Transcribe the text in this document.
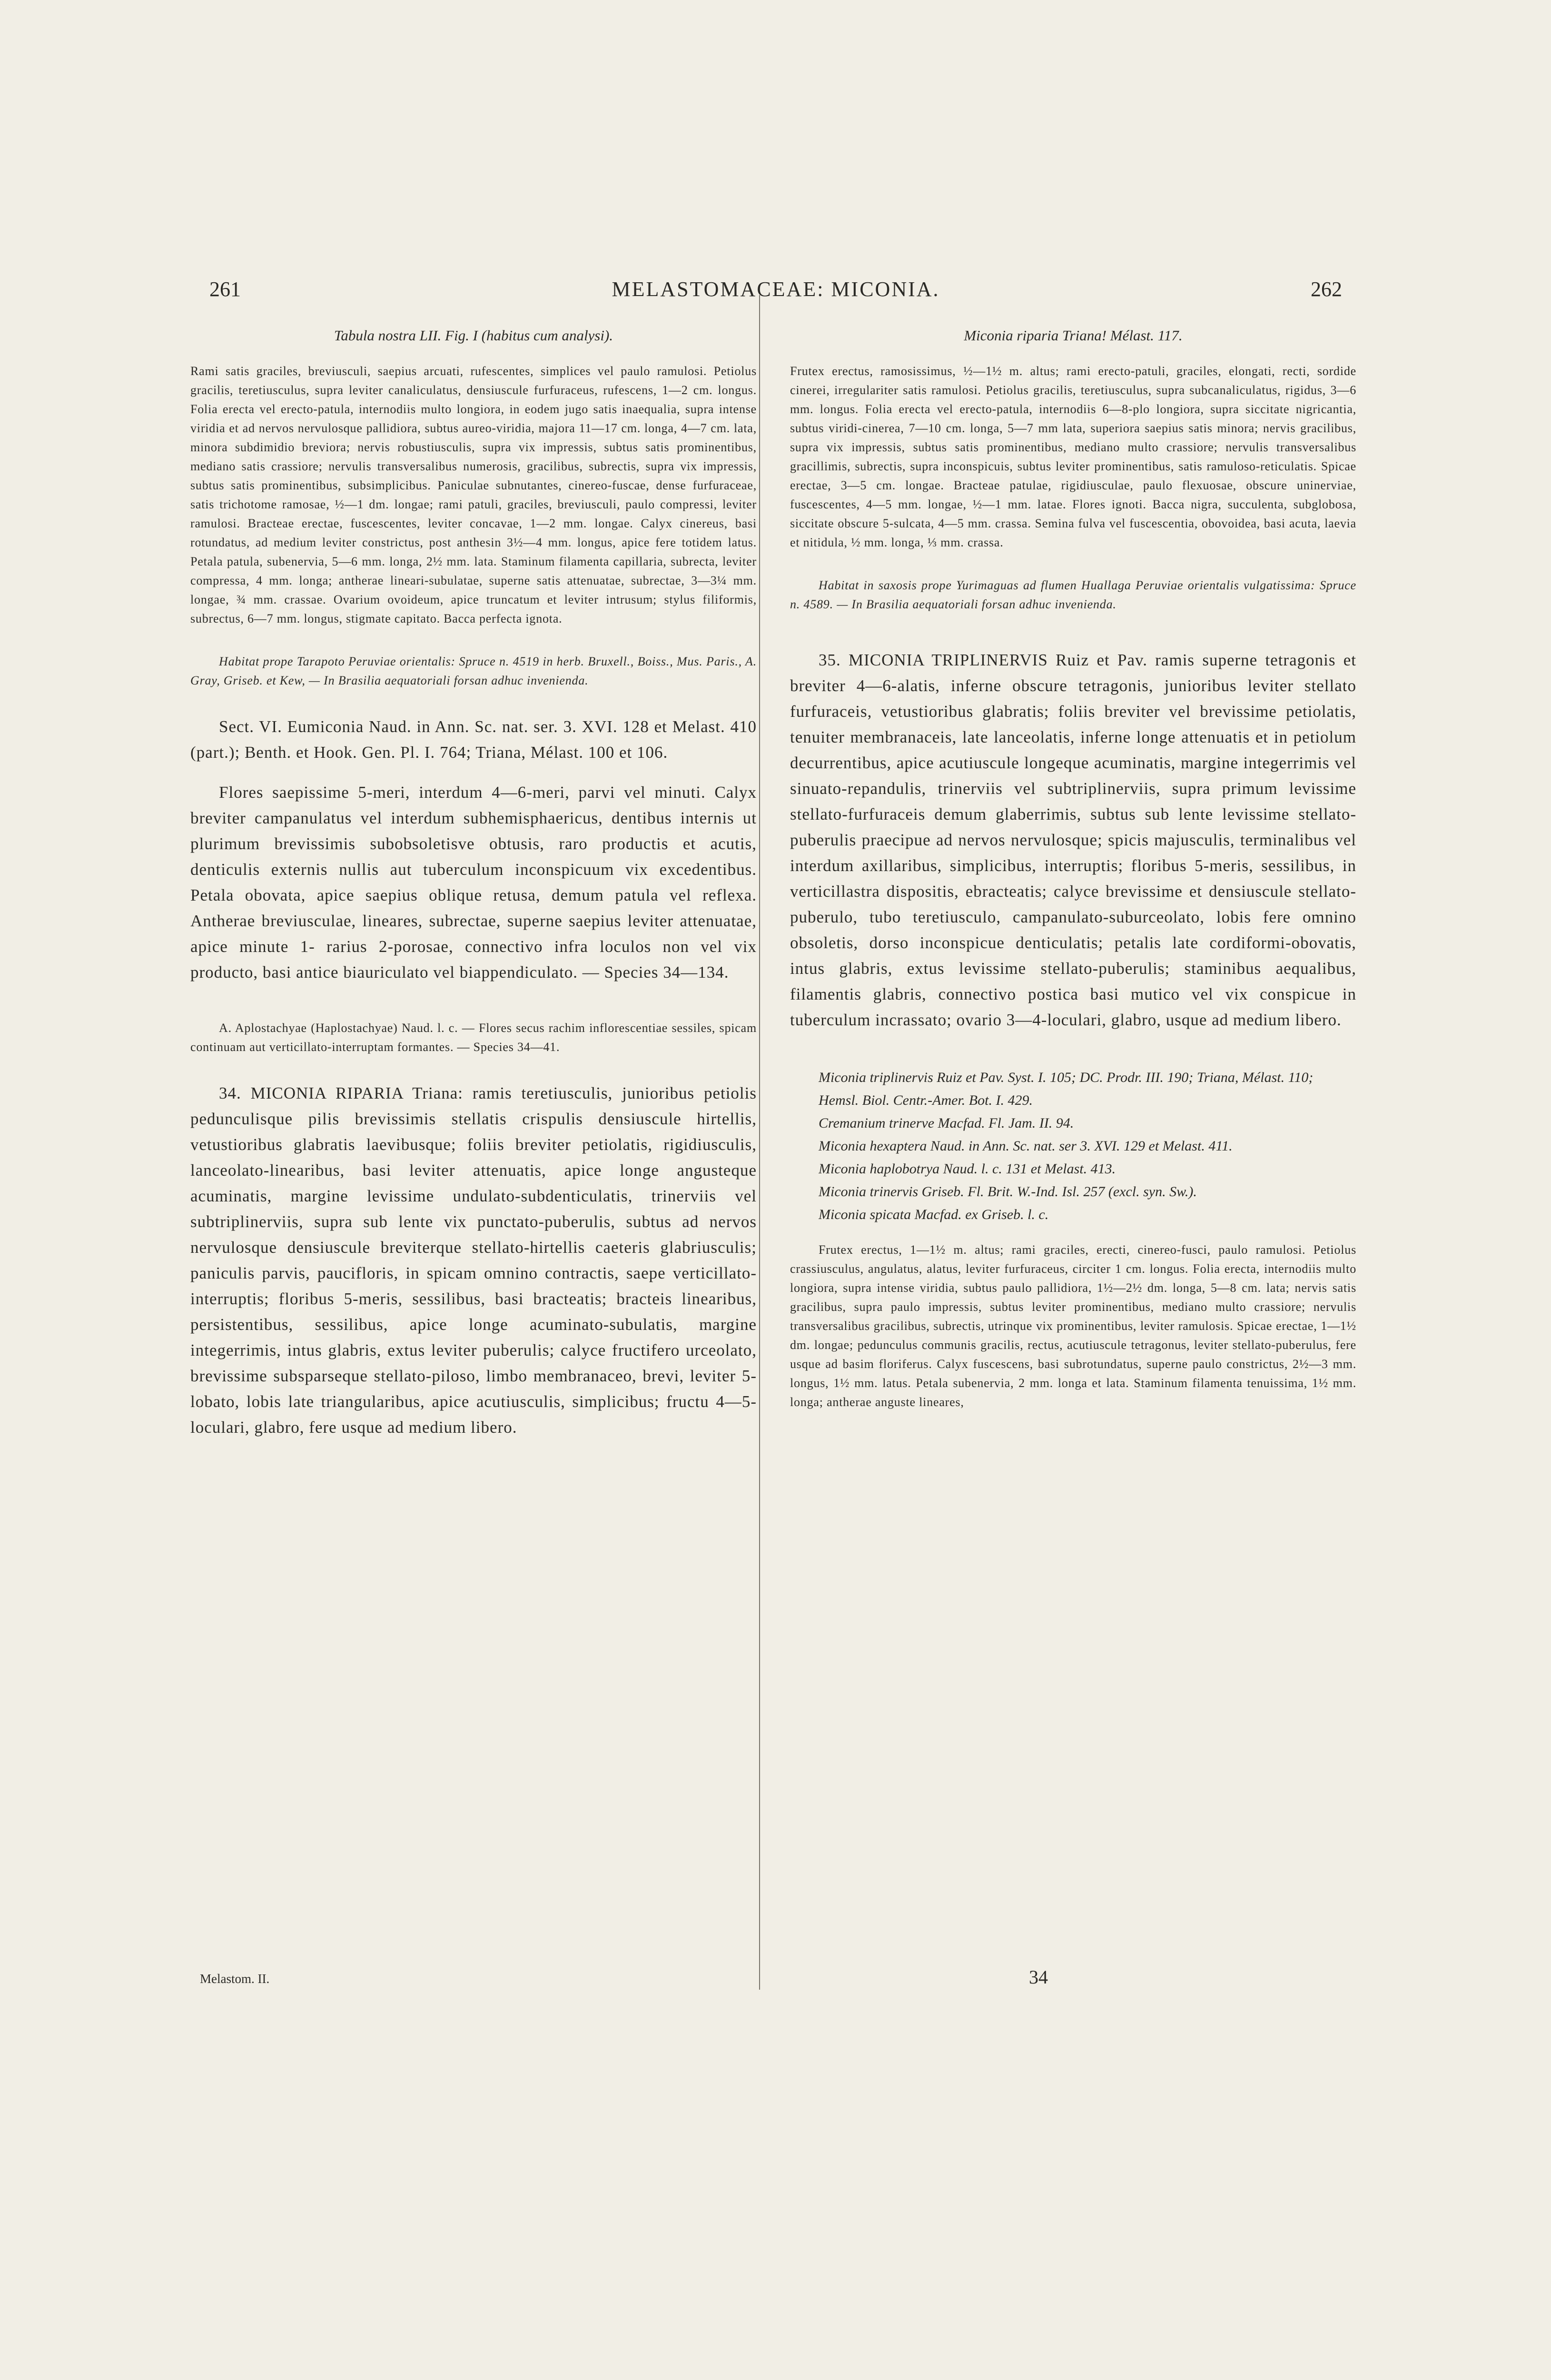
261	MELASTOMACEAE: MICONIA.	262

Tabula nostra LII. Fig. I (habitus cum analysi).

Rami satis graciles, breviusculi, saepius arcuati, rufescentes, simplices vel paulo ramulosi. Petiolus gracilis, teretiusculus, supra leviter canaliculatus, densiuscule furfuraceus, rufescens, 1—2 cm. longus. Folia erecta vel erecto-patula, internodiis multo longiora, in eodem jugo satis inaequalia, supra intense viridia et ad nervos nervulosque pallidiora, subtus aureo-viridia, majora 11—17 cm. longa, 4—7 cm. lata, minora subdimidio breviora; nervis robustiusculis, supra vix impressis, subtus satis prominentibus, mediano satis crassiore; nervulis transversalibus numerosis, gracilibus, subrectis, supra vix impressis, subtus satis prominentibus, subsimplicibus. Paniculae subnutantes, cinereo-fuscae, dense furfuraceae, satis trichotome ramosae, ½—1 dm. longae; rami patuli, graciles, breviusculi, paulo compressi, leviter ramulosi. Bracteae erectae, fuscescentes, leviter concavae, 1—2 mm. longae. Calyx cinereus, basi rotundatus, ad medium leviter constrictus, post anthesin 3½—4 mm. longus, apice fere totidem latus. Petala patula, subenervia, 5—6 mm. longa, 2½ mm. lata. Staminum filamenta capillaria, subrecta, leviter compressa, 4 mm. longa; antherae lineari-subulatae, superne satis attenuatae, subrectae, 3—3¼ mm. longae, ¾ mm. crassae. Ovarium ovoideum, apice truncatum et leviter intrusum; stylus filiformis, subrectus, 6—7 mm. longus, stigmate capitato. Bacca perfecta ignota.

Habitat prope Tarapoto Peruviae orientalis: Spruce n. 4519 in herb. Bruxell., Boiss., Mus. Paris., A. Gray, Griseb. et Kew, — In Brasilia aequatoriali forsan adhuc invenienda.

Sect. VI. Eumiconia Naud. in Ann. Sc. nat. ser. 3. XVI. 128 et Melast. 410 (part.); Benth. et Hook. Gen. Pl. I. 764; Triana, Mélast. 100 et 106.

Flores saepissime 5-meri, interdum 4—6-meri, parvi vel minuti. Calyx breviter campanulatus vel interdum subhemisphaericus, dentibus internis ut plurimum brevissimis subobsoletisve obtusis, raro productis et acutis, denticulis externis nullis aut tuberculum inconspicuum vix excedentibus. Petala obovata, apice saepius oblique retusa, demum patula vel reflexa. Antherae breviusculae, lineares, subrectae, superne saepius leviter attenuatae, apice minute 1- rarius 2-porosae, connectivo infra loculos non vel vix producto, basi antice biauriculato vel biappendiculato. — Species 34—134.

A. Aplostachyae (Haplostachyae) Naud. l. c. — Flores secus rachim inflorescentiae sessiles, spicam continuam aut verticillato-interruptam formantes. — Species 34—41.

34. MICONIA RIPARIA Triana: ramis teretiusculis, junioribus petiolis pedunculisque pilis brevissimis stellatis crispulis densiuscule hirtellis, vetustioribus glabratis laevibusque; foliis breviter petiolatis, rigidiusculis, lanceolato-linearibus, basi leviter attenuatis, apice longe angusteque acuminatis, margine levissime undulato-subdenticulatis, trinerviis vel subtriplinerviis, supra sub lente vix punctato-puberulis, subtus ad nervos nervulosque densiuscule breviterque stellato-hirtellis caeteris glabriusculis; paniculis parvis, paucifloris, in spicam omnino contractis, saepe verticillato-interruptis; floribus 5-meris, sessilibus, basi bracteatis; bracteis linearibus, persistentibus, sessilibus, apice longe acuminato-subulatis, margine integerrimis, intus glabris, extus leviter puberulis; calyce fructifero urceolato, brevissime subsparseque stellato-piloso, limbo membranaceo, brevi, leviter 5-lobato, lobis late triangularibus, apice acutiusculis, simplicibus; fructu 4—5-loculari, glabro, fere usque ad medium libero.

Miconia riparia Triana! Mélast. 117.

Frutex erectus, ramosissimus, ½—1½ m. altus; rami erecto-patuli, graciles, elongati, recti, sordide cinerei, irregulariter satis ramulosi. Petiolus gracilis, teretiusculus, supra subcanaliculatus, rigidus, 3—6 mm. longus. Folia erecta vel erecto-patula, internodiis 6—8-plo longiora, supra siccitate nigricantia, subtus viridi-cinerea, 7—10 cm. longa, 5—7 mm lata, superiora saepius satis minora; nervis gracilibus, supra vix impressis, subtus satis prominentibus, mediano multo crassiore; nervulis transversalibus gracillimis, subrectis, supra inconspicuis, subtus leviter prominentibus, satis ramuloso-reticulatis. Spicae erectae, 3—5 cm. longae. Bracteae patulae, rigidiusculae, paulo flexuosae, obscure uninerviae, fuscescentes, 4—5 mm. longae, ½—1 mm. latae. Flores ignoti. Bacca nigra, succulenta, subglobosa, siccitate obscure 5-sulcata, 4—5 mm. crassa. Semina fulva vel fuscescentia, obovoidea, basi acuta, laevia et nitidula, ½ mm. longa, ⅓ mm. crassa.

Habitat in saxosis prope Yurimaguas ad flumen Huallaga Peruviae orientalis vulgatissima: Spruce n. 4589. — In Brasilia aequatoriali forsan adhuc invenienda.

35. MICONIA TRIPLINERVIS Ruiz et Pav. ramis superne tetragonis et breviter 4—6-alatis, inferne obscure tetragonis, junioribus leviter stellato furfuraceis, vetustioribus glabratis; foliis breviter vel brevissime petiolatis, tenuiter membranaceis, late lanceolatis, inferne longe attenuatis et in petiolum decurrentibus, apice acutiuscule longeque acuminatis, margine integerrimis vel sinuato-repandulis, trinerviis vel subtriplinerviis, supra primum levissime stellato-furfuraceis demum glaberrimis, subtus sub lente levissime stellato-puberulis praecipue ad nervos nervulosque; spicis majusculis, terminalibus vel interdum axillaribus, simplicibus, interruptis; floribus 5-meris, sessilibus, in verticillastra dispositis, ebracteatis; calyce brevissime et densiuscule stellato-puberulo, tubo teretiusculo, campanulato-suburceolato, lobis fere omnino obsoletis, dorso inconspicue denticulatis; petalis late cordiformi-obovatis, intus glabris, extus levissime stellato-puberulis; staminibus aequalibus, filamentis glabris, connectivo postica basi mutico vel vix conspicue in tuberculum incrassato; ovario 3—4-loculari, glabro, usque ad medium libero.

Miconia triplinervis Ruiz et Pav. Syst. I. 105; DC. Prodr. III. 190; Triana, Mélast. 110; Hemsl. Biol. Centr.-Amer. Bot. I. 429.

Cremanium trinerve Macfad. Fl. Jam. II. 94.

Miconia hexaptera Naud. in Ann. Sc. nat. ser 3. XVI. 129 et Melast. 411.

Miconia haplobotrya Naud. l. c. 131 et Melast. 413.

Miconia trinervis Griseb. Fl. Brit. W.-Ind. Isl. 257 (excl. syn. Sw.).

Miconia spicata Macfad. ex Griseb. l. c.

Frutex erectus, 1—1½ m. altus; rami graciles, erecti, cinereo-fusci, paulo ramulosi. Petiolus crassiusculus, angulatus, alatus, leviter furfuraceus, circiter 1 cm. longus. Folia erecta, internodiis multo longiora, supra intense viridia, subtus paulo pallidiora, 1½—2½ dm. longa, 5—8 cm. lata; nervis satis gracilibus, supra paulo impressis, subtus leviter prominentibus, mediano multo crassiore; nervulis transversalibus gracilibus, subrectis, utrinque vix prominentibus, leviter ramulosis. Spicae erectae, 1—1½ dm. longae; pedunculus communis gracilis, rectus, acutiuscule tetragonus, leviter stellato-puberulus, fere usque ad basim floriferus. Calyx fuscescens, basi subrotundatus, superne paulo constrictus, 2½—3 mm. longus, 1½ mm. latus. Petala subenervia, 2 mm. longa et lata. Staminum filamenta tenuissima, 1½ mm. longa; antherae anguste lineares,

Melastom. II.	34
